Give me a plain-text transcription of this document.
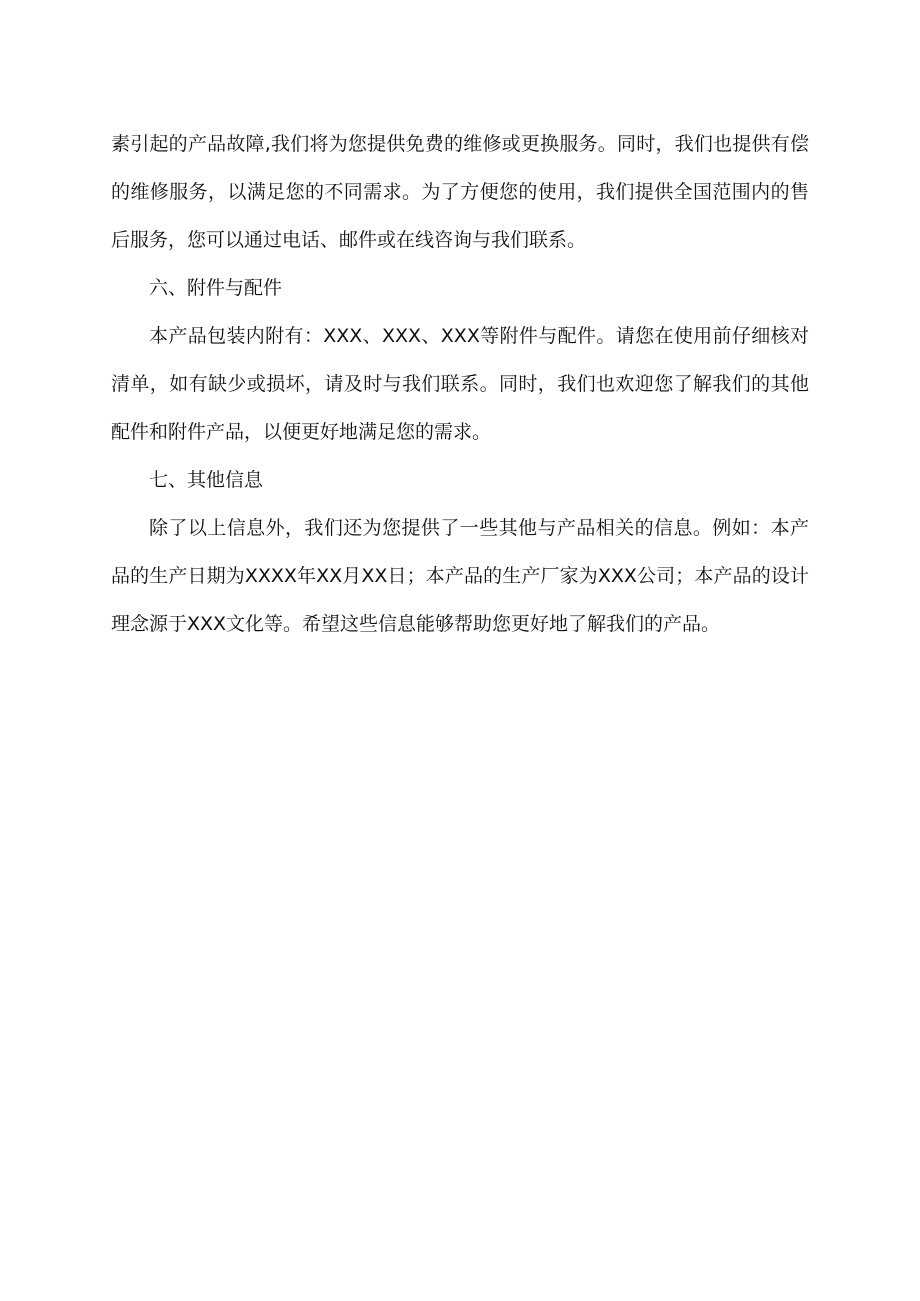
素引起的产品故障,我们将为您提供免费的维修或更换服务。同时，我们也提供有偿的维修服务，以满足您的不同需求。为了方便您的使用，我们提供全国范围内的售后服务，您可以通过电话、邮件或在线咨询与我们联系。

六、附件与配件

本产品包装内附有：XXX、XXX、XXX等附件与配件。请您在使用前仔细核对清单，如有缺少或损坏，请及时与我们联系。同时，我们也欢迎您了解我们的其他配件和附件产品，以便更好地满足您的需求。

七、其他信息

除了以上信息外，我们还为您提供了一些其他与产品相关的信息。例如：本产品的生产日期为XXXX年XX月XX日；本产品的生产厂家为XXX公司；本产品的设计理念源于XXX文化等。希望这些信息能够帮助您更好地了解我们的产品。
